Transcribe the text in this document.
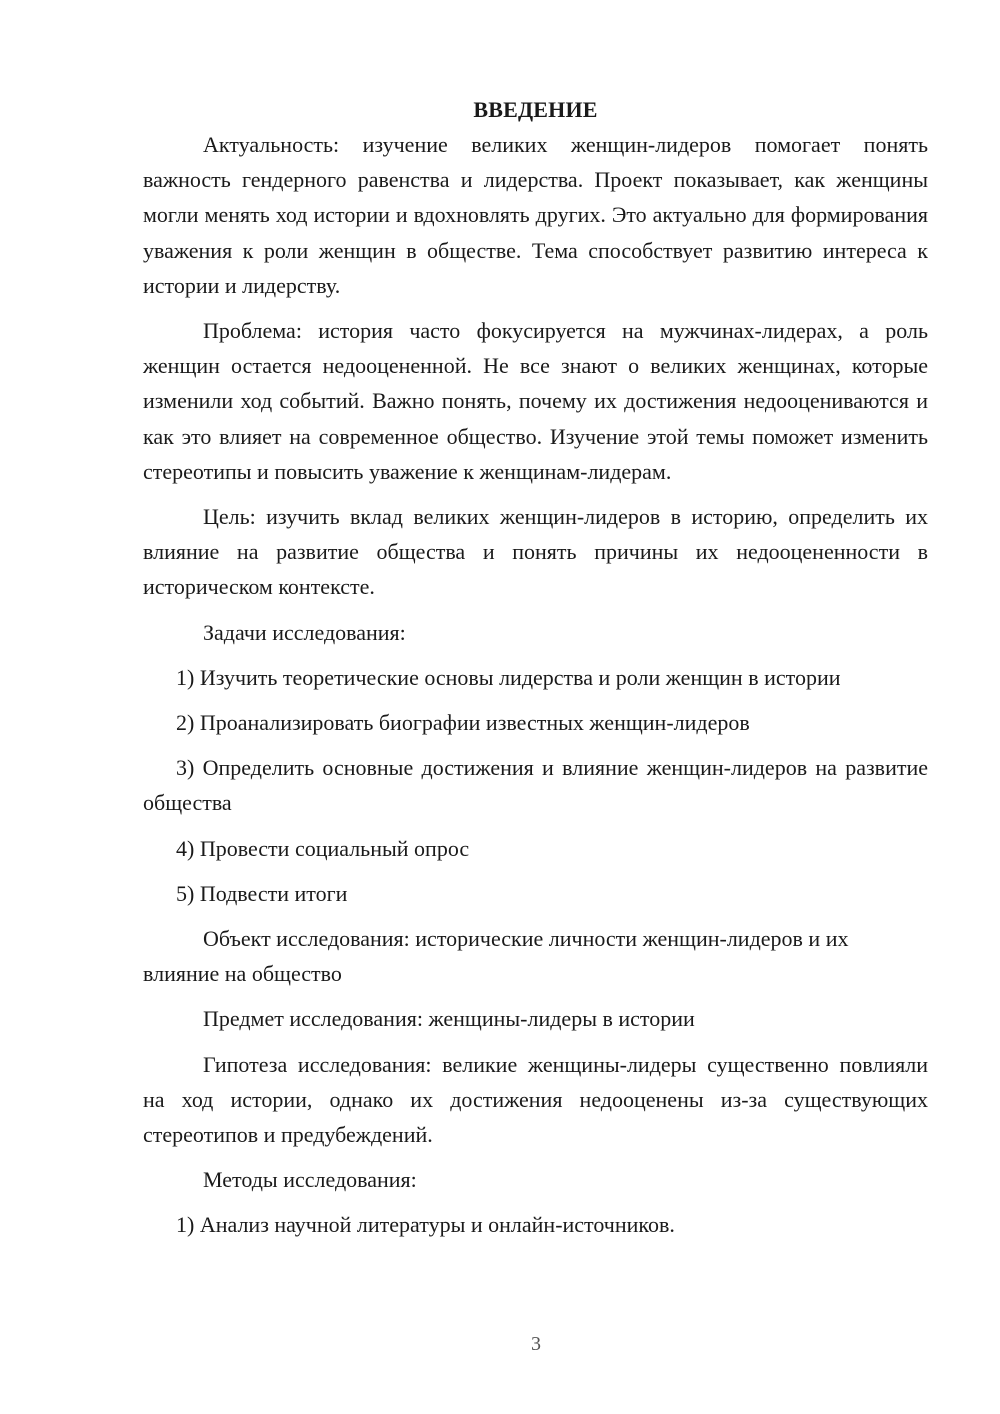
ВВЕДЕНИЕ

Актуальность: изучение великих женщин-лидеров помогает понять важность гендерного равенства и лидерства. Проект показывает, как женщины могли менять ход истории и вдохновлять других. Это актуально для формирования уважения к роли женщин в обществе. Тема способствует развитию интереса к истории и лидерству.

Проблема: история часто фокусируется на мужчинах-лидерах, а роль женщин остается недооцененной. Не все знают о великих женщинах, которые изменили ход событий. Важно понять, почему их достижения недооцениваются и как это влияет на современное общество. Изучение этой темы поможет изменить стереотипы и повысить уважение к женщинам-лидерам.

Цель: изучить вклад великих женщин-лидеров в историю, определить их влияние на развитие общества и понять причины их недооцененности в историческом контексте.

Задачи исследования:

1) Изучить теоретические основы лидерства и роли женщин в истории

2) Проанализировать биографии известных женщин-лидеров

3) Определить основные достижения и влияние женщин-лидеров на развитие общества

4) Провести социальный опрос

5) Подвести итоги

Объект исследования: исторические личности женщин-лидеров и их влияние на общество

Предмет исследования: женщины-лидеры в истории

Гипотеза исследования: великие женщины-лидеры существенно повлияли на ход истории, однако их достижения недооценены из-за существующих стереотипов и предубеждений.

Методы исследования:

1) Анализ научной литературы и онлайн-источников.

3
